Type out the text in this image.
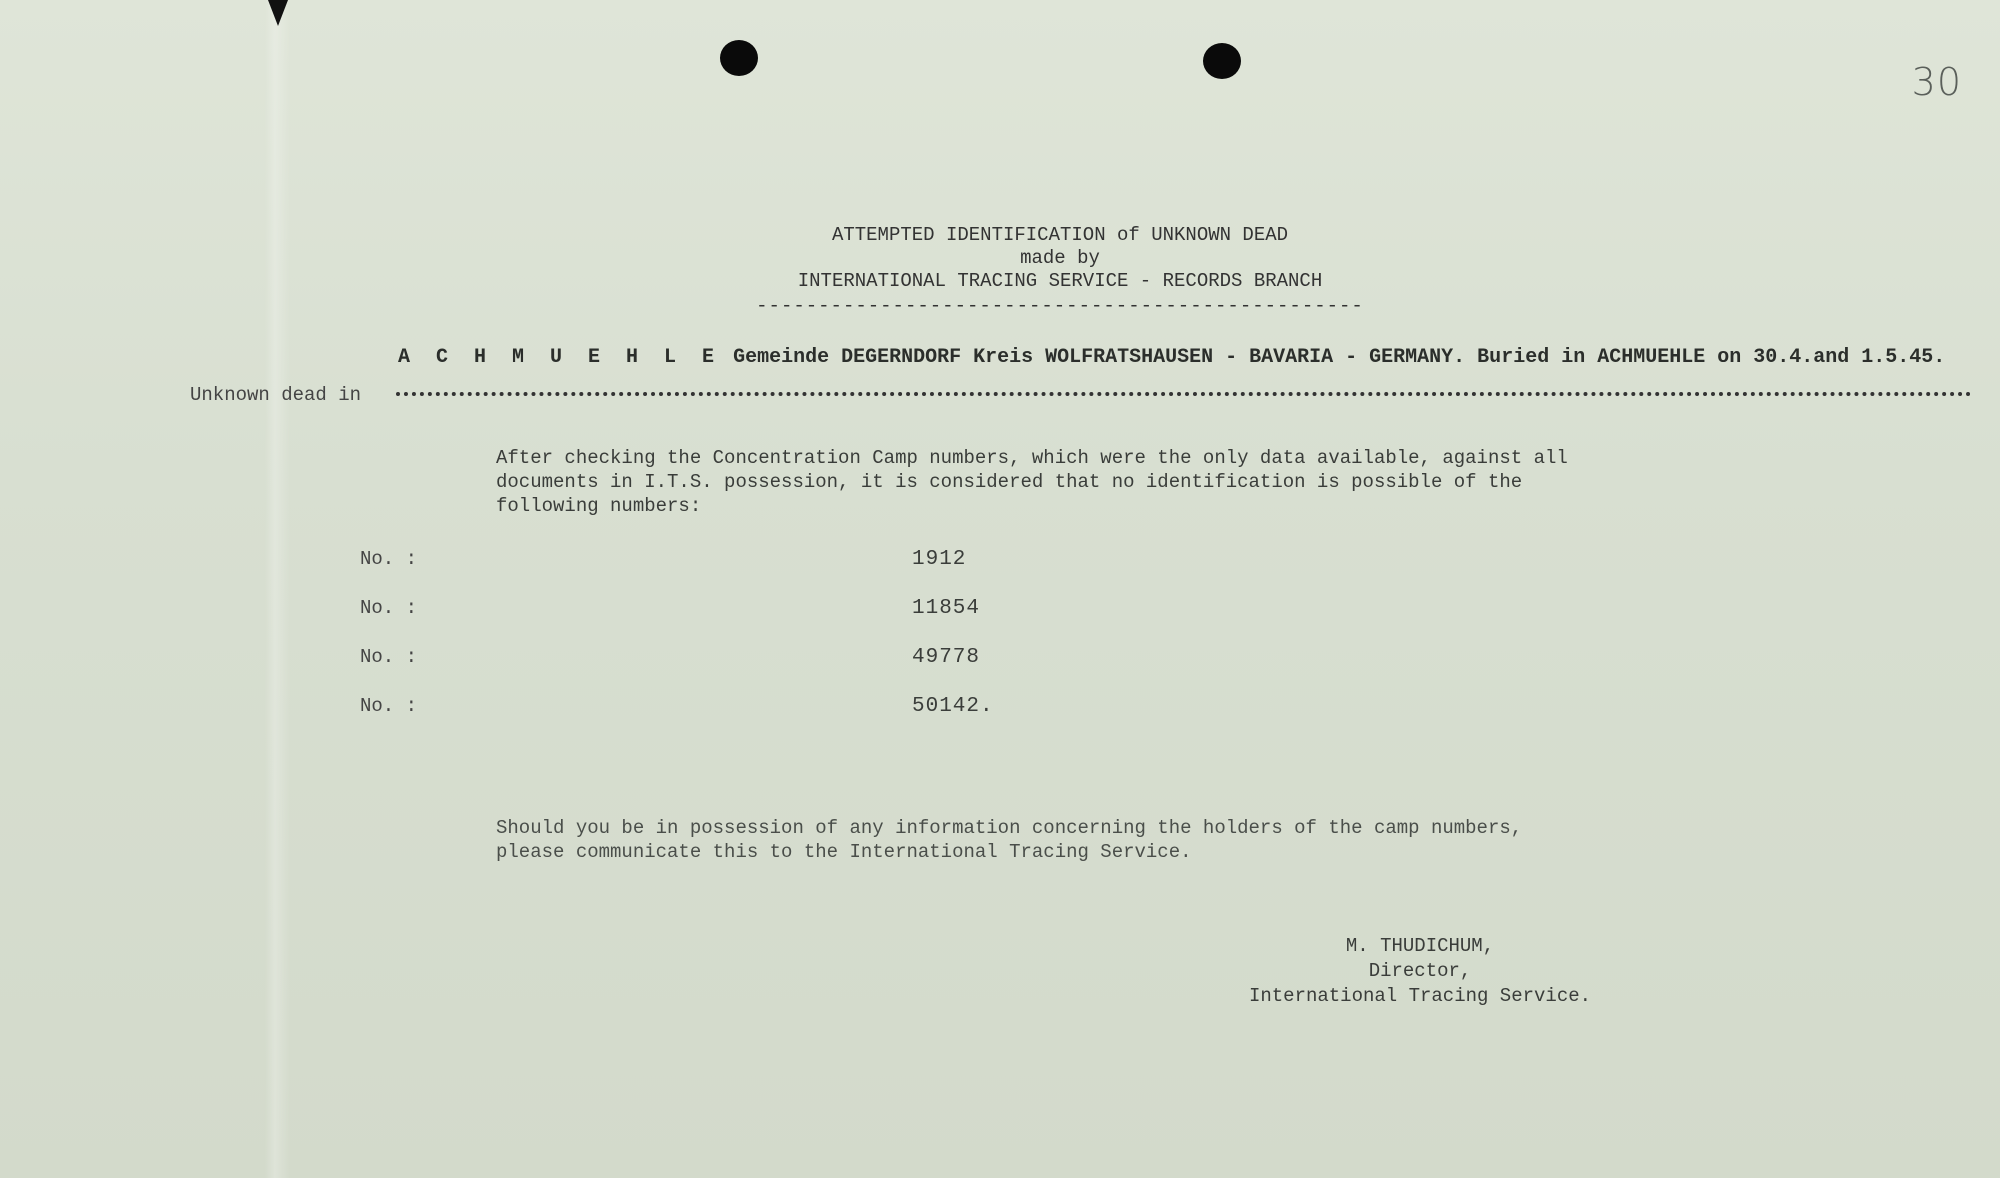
30
ATTEMPTED IDENTIFICATION of UNKNOWN DEAD
made by
INTERNATIONAL TRACING SERVICE - RECORDS BRANCH
-------------------------------------------------
A C H M U E H L E Gemeinde DEGERNDORF Kreis WOLFRATSHAUSEN - BAVARIA - GERMANY. Buried in ACHMUEHLE on 30.4.and 1.5.45.
Unknown dead in
After checking the Concentration Camp numbers, which were the only data available, against all
documents in I.T.S. possession, it is considered that no identification is possible of the
following numbers:
No. :	1912
No. :	11854
No. :	49778
No. :	50142.
Should you be in possession of any information concerning the holders of the camp numbers,
please communicate this to the International Tracing Service.
M. THUDICHUM,
Director,
International Tracing Service.
